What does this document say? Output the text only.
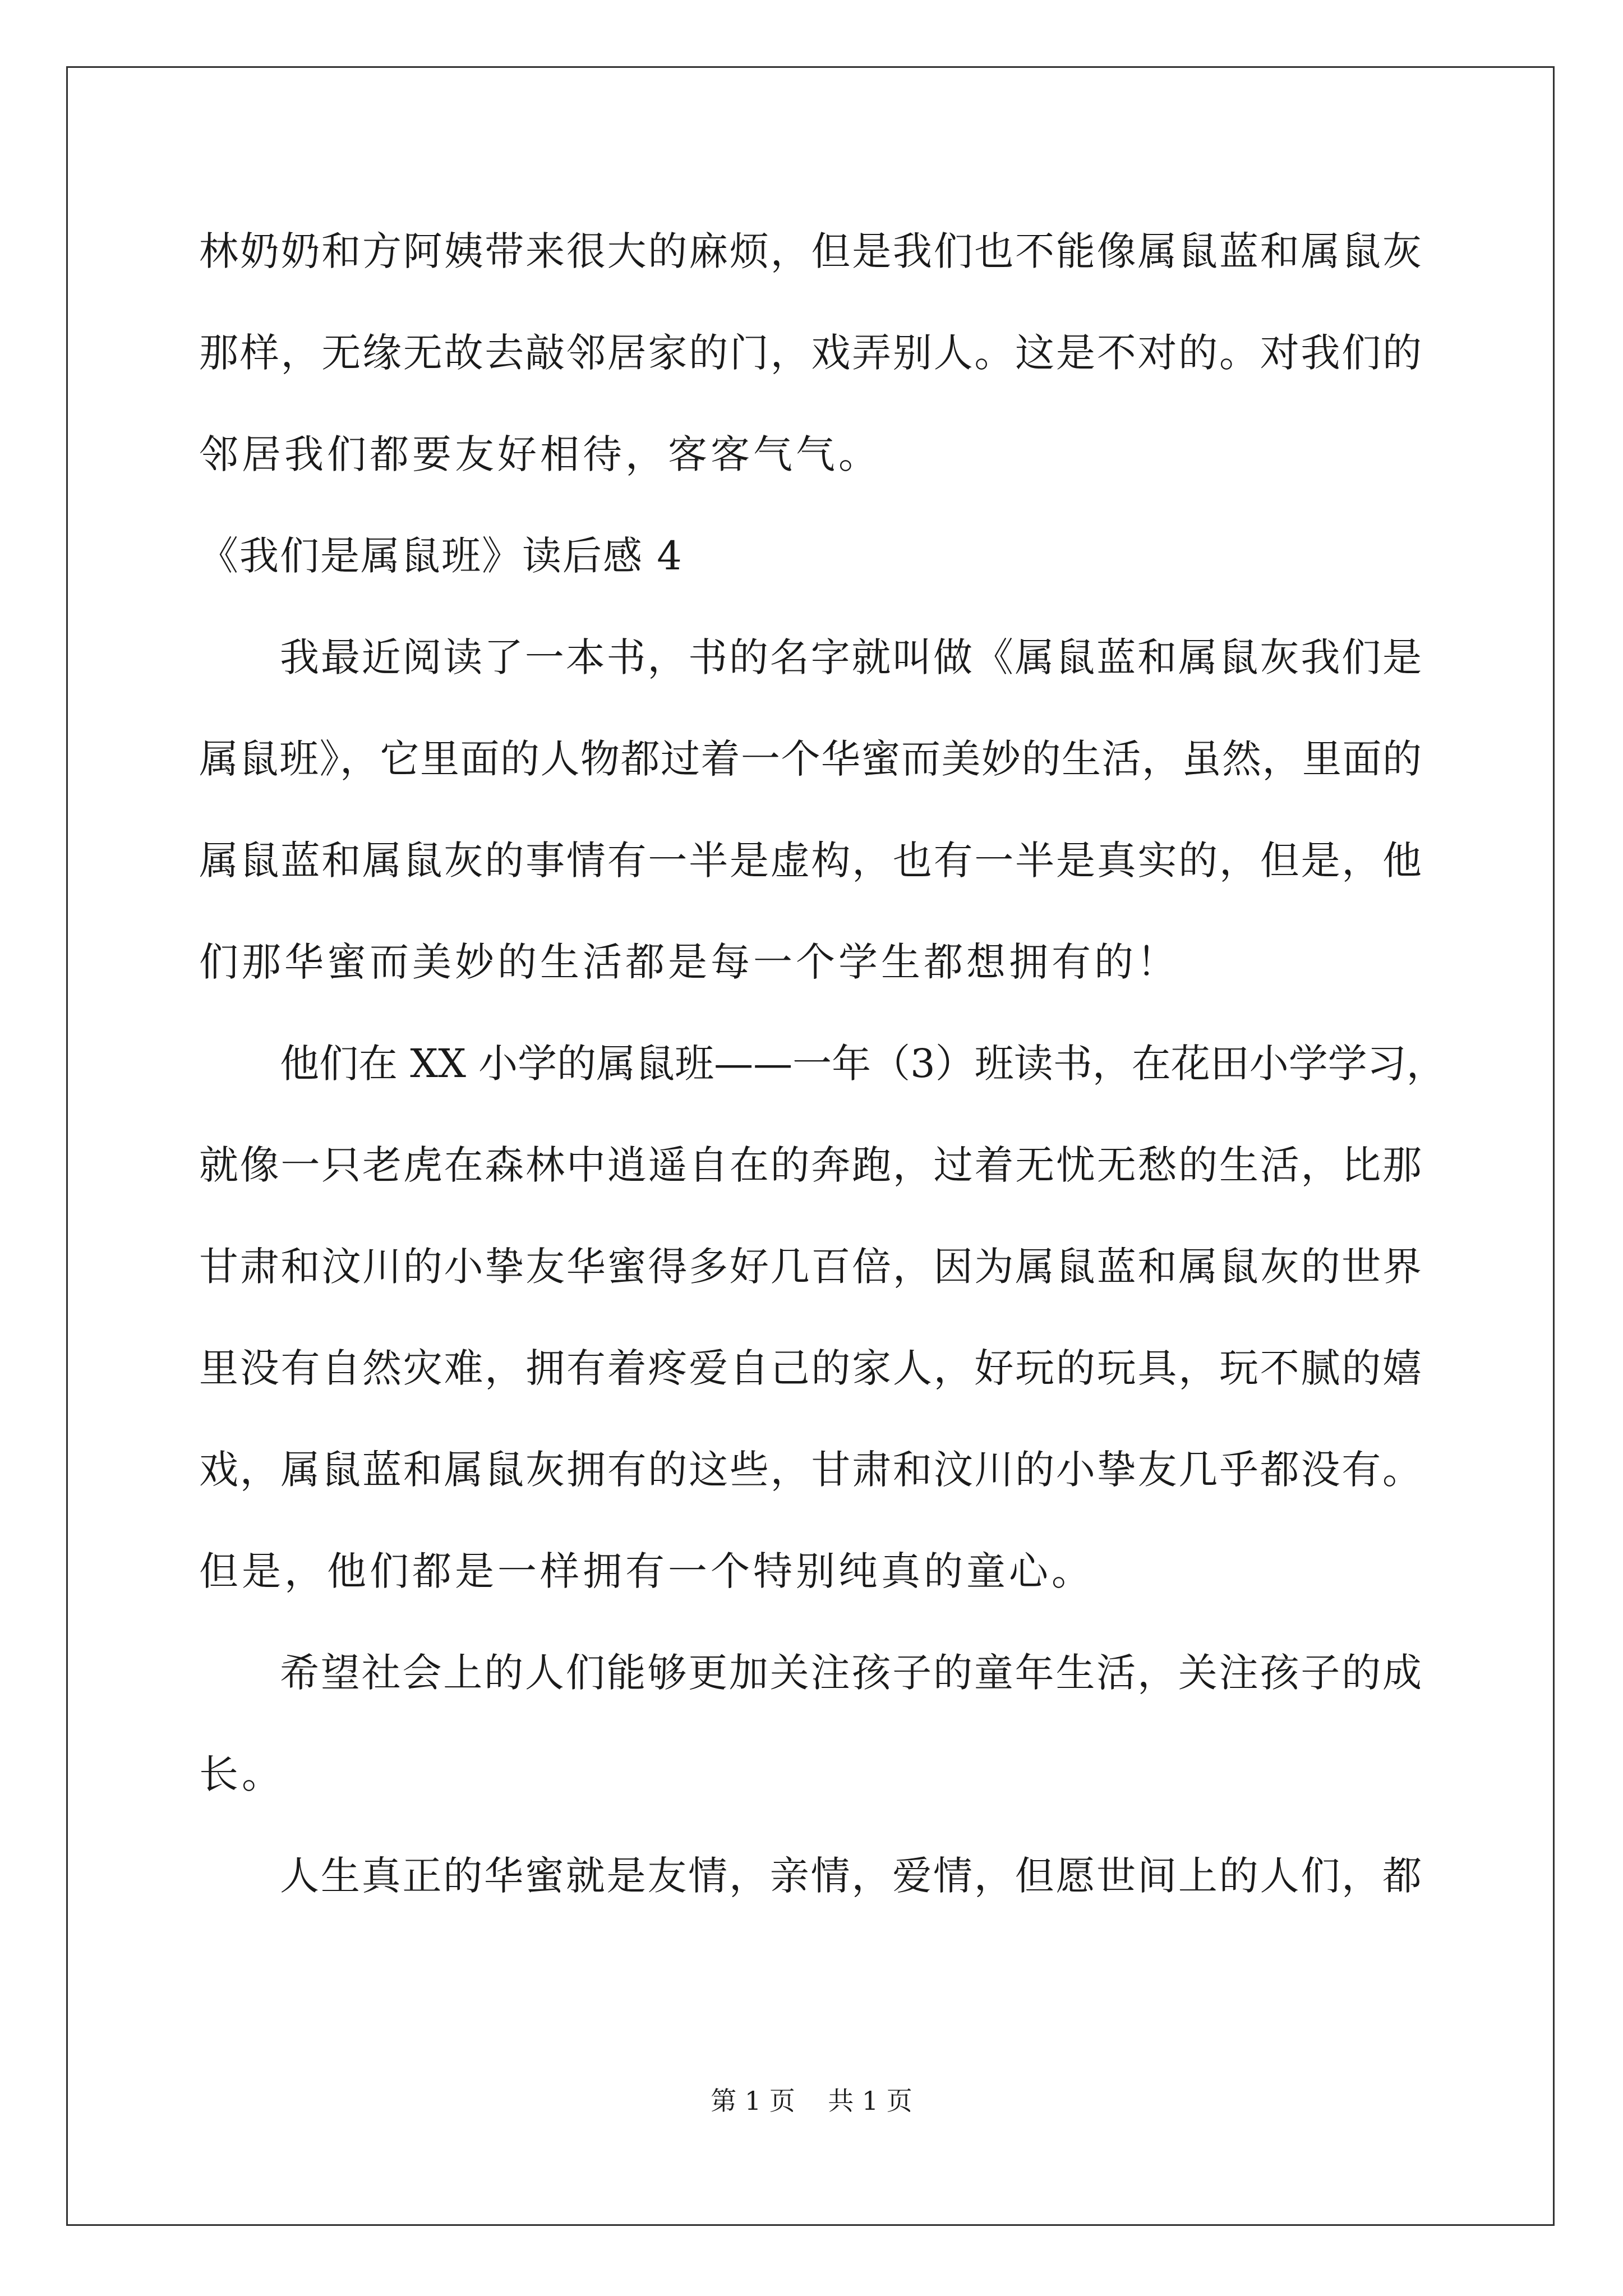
林奶奶和方阿姨带来很大的麻烦，但是我们也不能像属鼠蓝和属鼠灰
那样，无缘无故去敲邻居家的门，戏弄别人。这是不对的。对我们的
邻居我们都要友好相待，客客气气。
《我们是属鼠班》读后感 4
我最近阅读了一本书，书的名字就叫做《属鼠蓝和属鼠灰我们是
属鼠班》，它里面的人物都过着一个华蜜而美妙的生活，虽然，里面的
属鼠蓝和属鼠灰的事情有一半是虚构，也有一半是真实的，但是，他
们那华蜜而美妙的生活都是每一个学生都想拥有的！
他们在 XX 小学的属鼠班——一年（3）班读书，在花田小学学习，
就像一只老虎在森林中逍遥自在的奔跑，过着无忧无愁的生活，比那
甘肃和汶川的小挚友华蜜得多好几百倍，因为属鼠蓝和属鼠灰的世界
里没有自然灾难，拥有着疼爱自己的家人，好玩的玩具，玩不腻的嬉
戏，属鼠蓝和属鼠灰拥有的这些，甘肃和汶川的小挚友几乎都没有。
但是，他们都是一样拥有一个特别纯真的童心。
希望社会上的人们能够更加关注孩子的童年生活，关注孩子的成
长。
人生真正的华蜜就是友情，亲情，爱情，但愿世间上的人们，都
第 1 页    共 1 页
